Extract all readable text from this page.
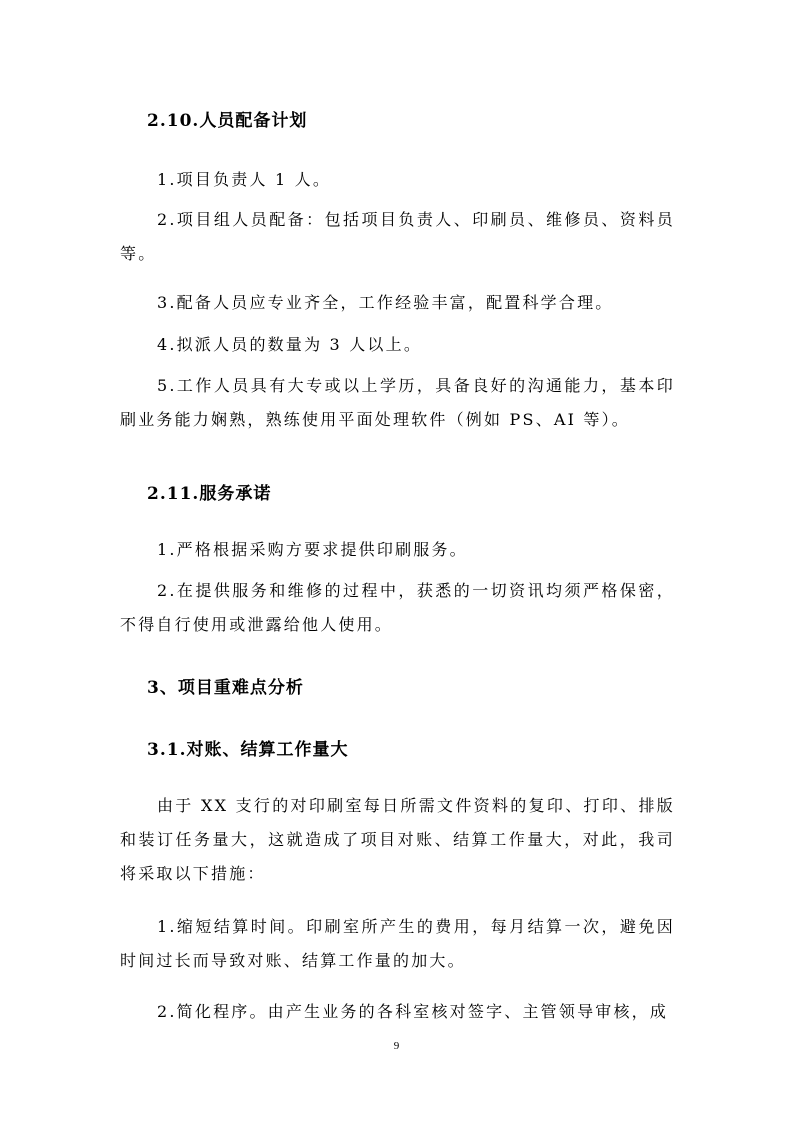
2.10.人员配备计划
1.项目负责人 1 人。
2.项目组人员配备：包括项目负责人、印刷员、维修员、资料员等。
3.配备人员应专业齐全，工作经验丰富，配置科学合理。
4.拟派人员的数量为 3 人以上。
5.工作人员具有大专或以上学历，具备良好的沟通能力，基本印刷业务能力娴熟，熟练使用平面处理软件（例如 PS、AI 等）。
2.11.服务承诺
1.严格根据采购方要求提供印刷服务。
2.在提供服务和维修的过程中，获悉的一切资讯均须严格保密，不得自行使用或泄露给他人使用。
3、项目重难点分析
3.1.对账、结算工作量大
由于 XX 支行的对印刷室每日所需文件资料的复印、打印、排版和装订任务量大，这就造成了项目对账、结算工作量大，对此，我司将采取以下措施：
1.缩短结算时间。印刷室所产生的费用，每月结算一次，避免因时间过长而导致对账、结算工作量的加大。
2.简化程序。由产生业务的各科室核对签字、主管领导审核，成
9
